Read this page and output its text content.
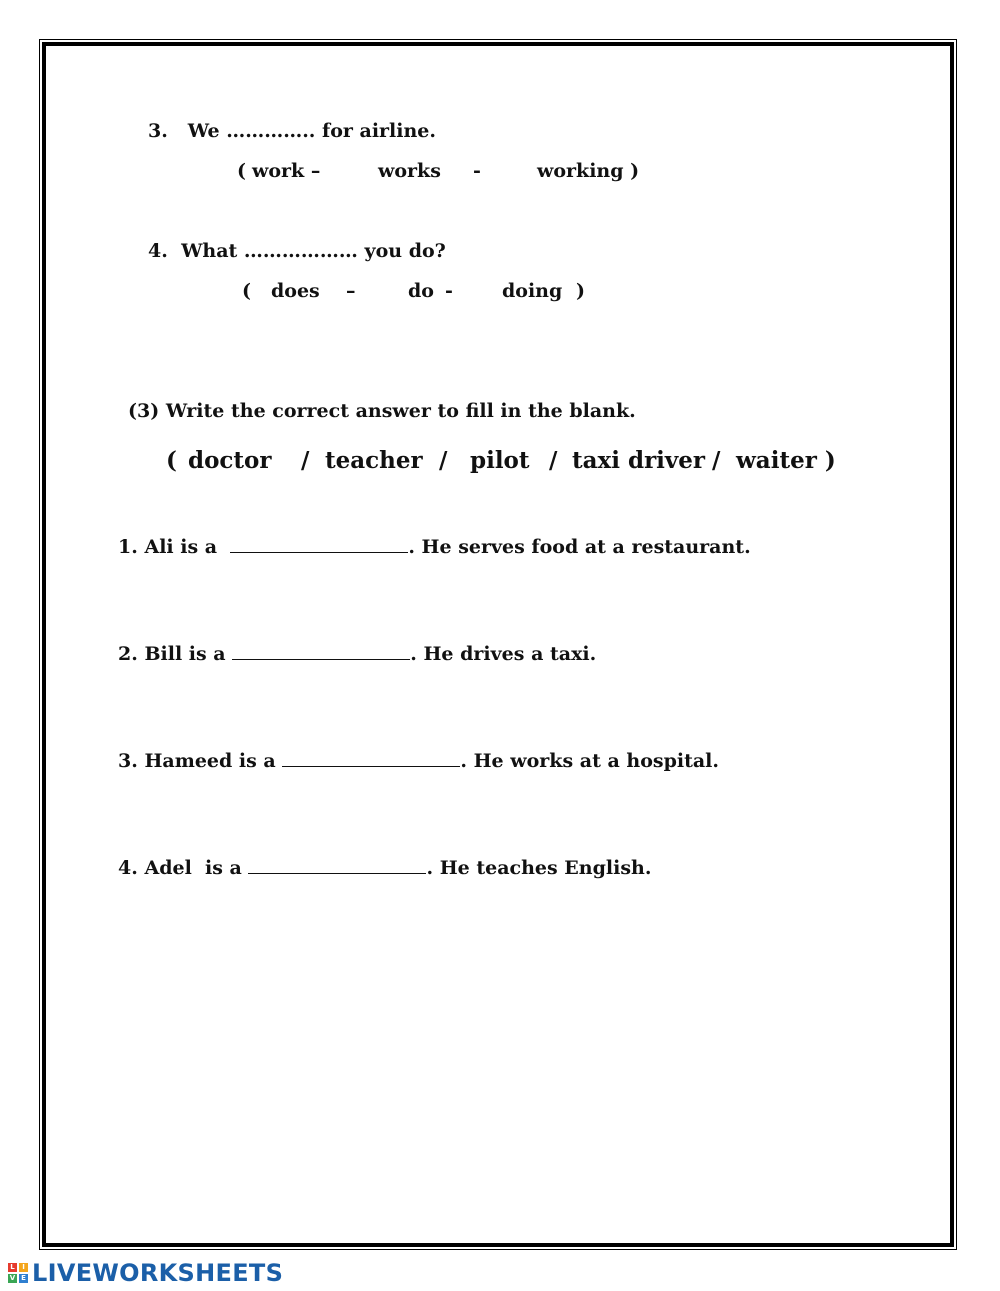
3. We ………….. for airline.

(

work –

	works

-

	working )

4. What ……………… you do?

(

does

–

	do

-

	doing

)

(3) Write the correct answer to fill in the blank.

(

doctor

/

teacher

/

pilot

/

taxi driver

/

waiter )

1. Ali is a	. He serves food at a restaurant.
2. Bill is a	. He drives a taxi.
3. Hameed is a	. He works at a hospital.
4. Adel  is a	. He teaches English.
L	I
V E LIVEWORKSHEETS
